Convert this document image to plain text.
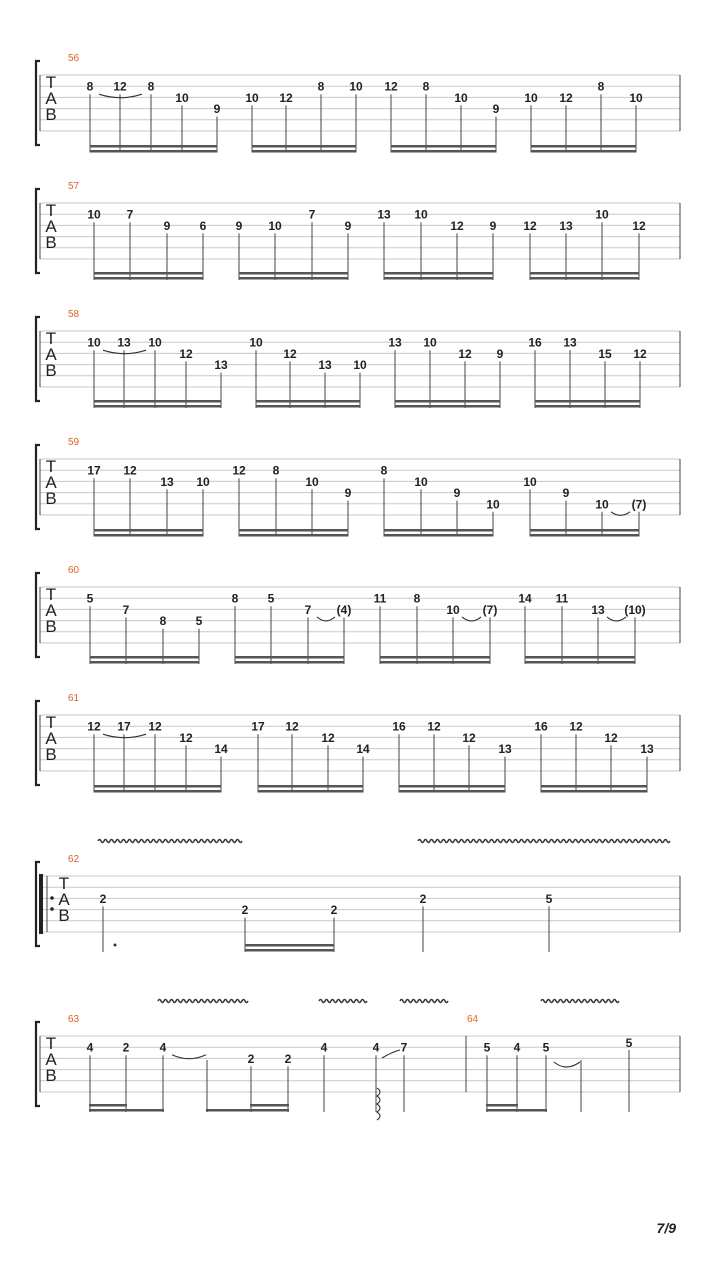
T
A
B
56
8 12 8
10
9
10 12
8 10 12 8
10
9
10 12
8
10
T
A
B
57
10 7
9 6 9 10
7
9
13 10
12 9 12 13
10
12
T
A
B
58
10 13 10
12
13
10
12
13 10
13 10
12 9
16 13
15 12
T
A
B
59
17 12
13 10
12 8
10
9
8
10
9
10
10
9
10 (7)
T
A
B
60
5
7
8 5
8 5
7 (4)
11 8
10 (7)
14 11
13 (10)
T
A
B
61
12 17 12
12
14
17 12
12
14
16 12
12
13
16 12
12
13
T
A
B
62
2
2	2
2	5
T
A
B
63
4 2	4
2	2
4	4 7
64
5 4 5	5
7/9
